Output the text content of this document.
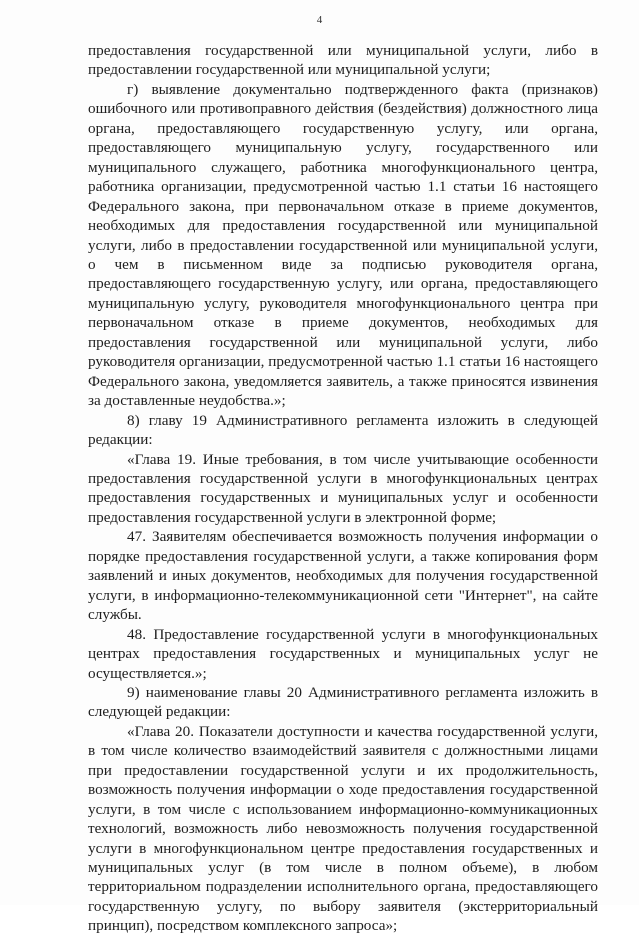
4

предоставления государственной или муниципальной услуги, либо в предоставлении государственной или муниципальной услуги;

г) выявление документально подтвержденного факта (признаков) ошибочного или противоправного действия (бездействия) должностного лица органа, предоставляющего государственную услугу, или органа, предоставляющего муниципальную услугу, государственного или муниципального служащего, работника многофункционального центра, работника организации, предусмотренной частью 1.1 статьи 16 настоящего Федерального закона, при первоначальном отказе в приеме документов, необходимых для предоставления государственной или муниципальной услуги, либо в предоставлении государственной или муниципальной услуги, о чем в письменном виде за подписью руководителя органа, предоставляющего государственную услугу, или органа, предоставляющего муниципальную услугу, руководителя многофункционального центра при первоначальном отказе в приеме документов, необходимых для предоставления государственной или муниципальной услуги, либо руководителя организации, предусмотренной частью 1.1 статьи 16 настоящего Федерального закона, уведомляется заявитель, а также приносятся извинения за доставленные неудобства.»;

8) главу 19 Административного регламента изложить в следующей редакции:

«Глава 19. Иные требования, в том числе учитывающие особенности предоставления государственной услуги в многофункциональных центрах предоставления государственных и муниципальных услуг и особенности предоставления государственной услуги в электронной форме;

47. Заявителям обеспечивается возможность получения информации о порядке предоставления государственной услуги, а также копирования форм заявлений и иных документов, необходимых для получения государственной услуги, в информационно-телекоммуникационной сети "Интернет", на сайте службы.

48. Предоставление государственной услуги в многофункциональных центрах предоставления государственных и муниципальных услуг не осуществляется.»;

9) наименование главы 20 Административного регламента изложить в следующей редакции:

«Глава 20. Показатели доступности и качества государственной услуги, в том числе количество взаимодействий заявителя с должностными лицами при предоставлении государственной услуги и их продолжительность, возможность получения информации о ходе предоставления государственной услуги, в том числе с использованием информационно-коммуникационных технологий, возможность либо невозможность получения государственной услуги в многофункциональном центре предоставления государственных и муниципальных услуг (в том числе в полном объеме), в любом территориальном подразделении исполнительного органа, предоставляющего государственную услугу, по выбору заявителя (экстерриториальный принцип), посредством комплексного запроса»;
